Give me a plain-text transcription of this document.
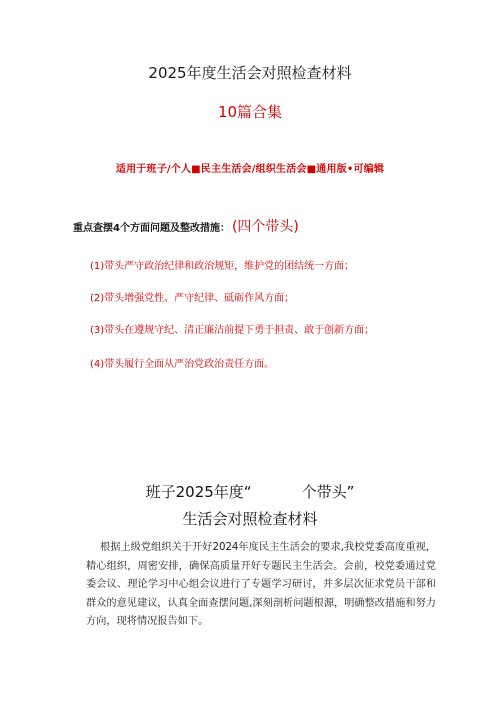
2025年度生活会对照检查材料
10篇合集
适用于班子/个人■民主生活会/组织生活会■通用版•可编辑
重点查摆4个方面问题及整改措施： (四个带头)
(1)带头严守政治纪律和政治规矩，维护党的团结统一方面；
(2)带头增强党性、严守纪律、砥砺作风方面；
(3)带头在遵规守纪、清正廉洁前提下勇于担责、敢于创新方面；
(4)带头履行全面从严治党政治责任方面。
班子2025年度“	个带头”
生活会对照检查材料
根据上级党组织关于开好2024年度民主生活会的要求,我校党委高度重视，精心组织，周密安排，确保高质量开好专题民主生活会。会前，校党委通过党委会议、理论学习中心组会议进行了专题学习研讨，并多层次征求党员干部和群众的意见建议，认真全面查摆问题,深刻剖析问题根源，明确整改措施和努力方向，现将情况报告如下。
